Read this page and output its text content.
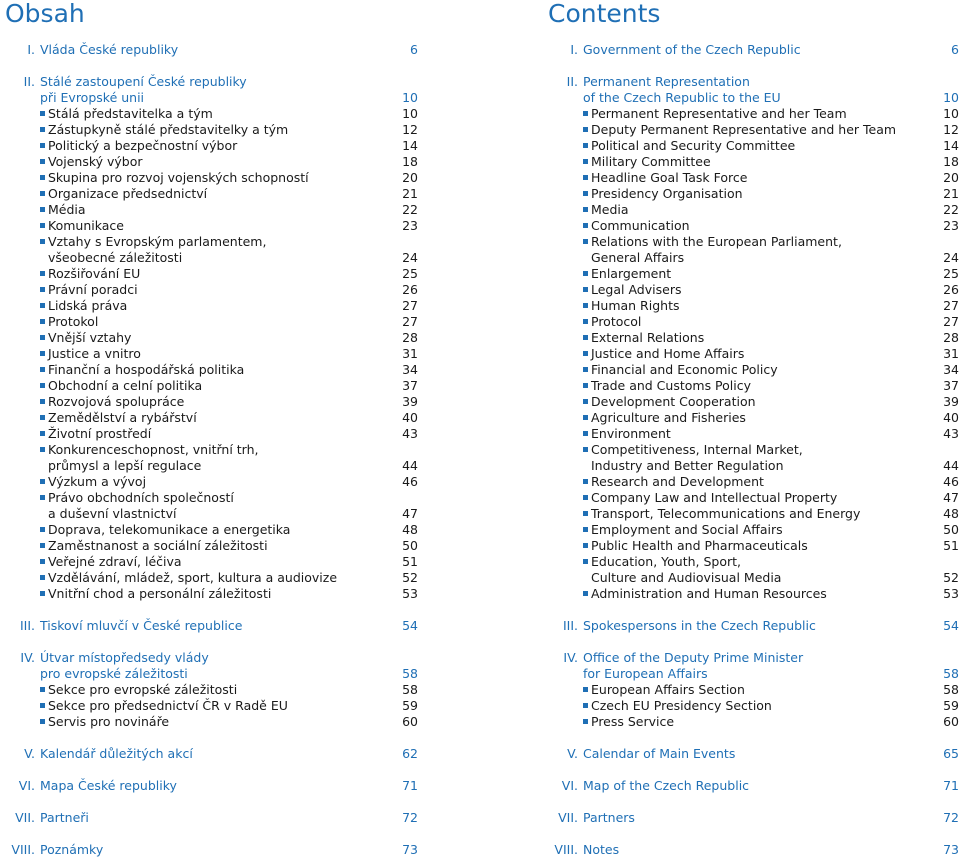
Obsah
I. Vláda České republiky	6
II. Stálé zastoupení České republiky
při Evropské unii	10
Stálá představitelka a tým	10
Zástupkyně stálé představitelky a tým	12
Politický a bezpečnostní výbor	14
Vojenský výbor	18
Skupina pro rozvoj vojenských schopností	20
Organizace předsednictví	21
Média	22
Komunikace	23
Vztahy s Evropským parlamentem,
všeobecné záležitosti	24
Rozšiřování EU	25
Právní poradci	26
Lidská práva	27
Protokol	27
Vnější vztahy	28
Justice a vnitro	31
Finanční a hospodářská politika	34
Obchodní a celní politika	37
Rozvojová spolupráce	39
Zemědělství a rybářství	40
Životní prostředí	43
Konkurenceschopnost, vnitřní trh,
průmysl a lepší regulace	44
Výzkum a vývoj	46
Právo obchodních společností
a duševní vlastnictví	47
Doprava, telekomunikace a energetika	48
Zaměstnanost a sociální záležitosti	50
Veřejné zdraví, léčiva	51
Vzdělávání, mládež, sport, kultura a audiovize	52
Vnitřní chod a personální záležitosti	53
III. Tiskoví mluvčí v České republice	54
IV. Útvar místopředsedy vlády
pro evropské záležitosti	58
Sekce pro evropské záležitosti	58
Sekce pro předsednictví ČR v Radě EU	59
Servis pro novináře	60
V. Kalendář důležitých akcí	62
VI. Mapa České republiky	71
VII. Partneři	72
VIII. Poznámky	73
Contents
I. Government of the Czech Republic	6
II. Permanent Representation
of the Czech Republic to the EU	10
Permanent Representative and her Team	10
Deputy Permanent Representative and her Team	12
Political and Security Committee	14
Military Committee	18
Headline Goal Task Force	20
Presidency Organisation	21
Media	22
Communication	23
Relations with the European Parliament,
General Affairs	24
Enlargement	25
Legal Advisers	26
Human Rights	27
Protocol	27
External Relations	28
Justice and Home Affairs	31
Financial and Economic Policy	34
Trade and Customs Policy	37
Development Cooperation	39
Agriculture and Fisheries	40
Environment	43
Competitiveness, Internal Market,
Industry and Better Regulation	44
Research and Development	46
Company Law and Intellectual Property	47
Transport, Telecommunications and Energy	48
Employment and Social Affairs	50
Public Health and Pharmaceuticals	51
Education, Youth, Sport,
Culture and Audiovisual Media	52
Administration and Human Resources	53
III. Spokespersons in the Czech Republic	54
IV. Office of the Deputy Prime Minister
for European Affairs	58
European Affairs Section	58
Czech EU Presidency Section	59
Press Service	60
V. Calendar of Main Events	65
VI. Map of the Czech Republic	71
VII. Partners	72
VIII. Notes	73
